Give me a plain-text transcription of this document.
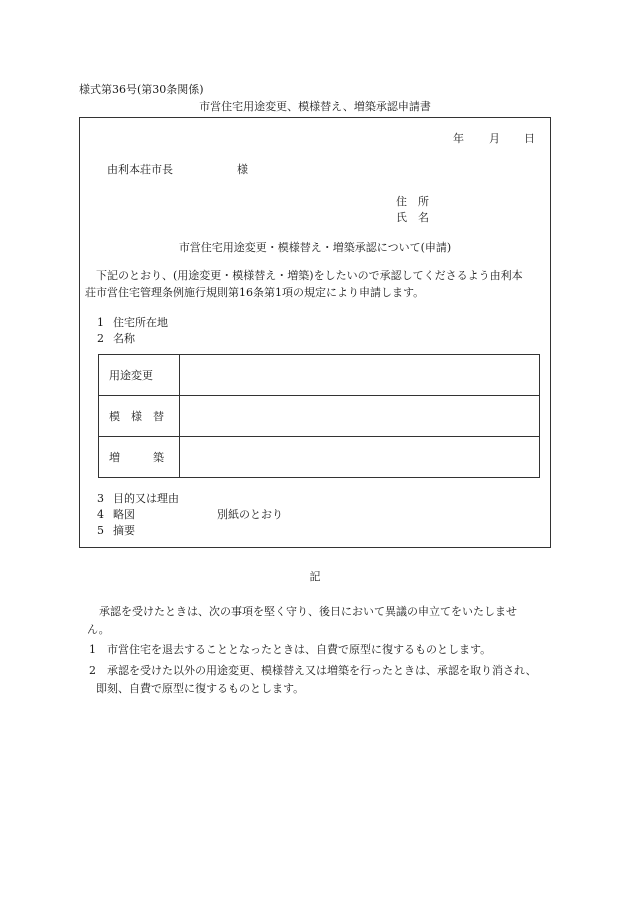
様式第36号(第30条関係)
市営住宅用途変更、模様替え、増築承認申請書
年 月 日
由利本荘市長	様
住　所
氏　名
市営住宅用途変更・模様替え・増築承認について(申請)
下記のとおり、(用途変更・模様替え・増築)をしたいので承認してくださるよう由利本
荘市営住宅管理条例施行規則第16条第1項の規定により申請します。
1 住宅所在地
2 名称
用途変更	
模　様　替	
増　　　築	
3 目的又は理由
4 略図	別紙のとおり
5 摘要
記
承認を受けたときは、次の事項を堅く守り、後日において異議の申立てをいたしませ
ん。
1 市営住宅を退去することとなったときは、自費で原型に復するものとします。
2 承認を受けた以外の用途変更、模様替え又は増築を行ったときは、承認を取り消され、
即刻、自費で原型に復するものとします。
